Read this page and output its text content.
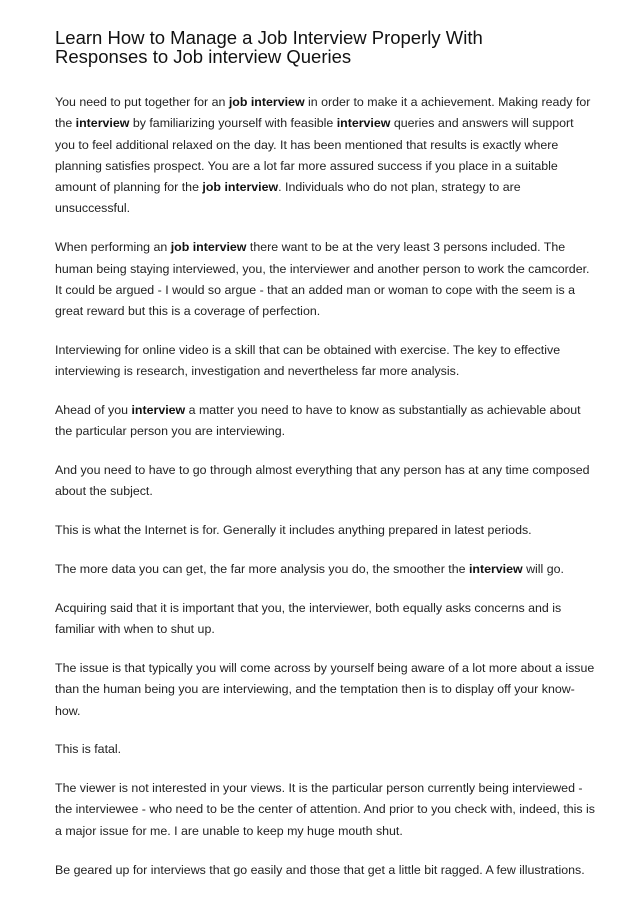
Learn How to Manage a Job Interview Properly With
Responses to Job interview Queries

You need to put together for an job interview in order to make it a achievement. Making ready for the interview by familiarizing yourself with feasible interview queries and answers will support you to feel additional relaxed on the day. It has been mentioned that results is exactly where planning satisfies prospect. You are a lot far more assured success if you place in a suitable amount of planning for the job interview. Individuals who do not plan, strategy to are unsuccessful.

When performing an job interview there want to be at the very least 3 persons included. The human being staying interviewed, you, the interviewer and another person to work the camcorder. It could be argued - I would so argue - that an added man or woman to cope with the seem is a great reward but this is a coverage of perfection.

Interviewing for online video is a skill that can be obtained with exercise. The key to effective interviewing is research, investigation and nevertheless far more analysis.

Ahead of you interview a matter you need to have to know as substantially as achievable about the particular person you are interviewing.

And you need to have to go through almost everything that any person has at any time composed about the subject.

This is what the Internet is for. Generally it includes anything prepared in latest periods.

The more data you can get, the far more analysis you do, the smoother the interview will go.

Acquiring said that it is important that you, the interviewer, both equally asks concerns and is familiar with when to shut up.

The issue is that typically you will come across by yourself being aware of a lot more about a issue than the human being you are interviewing, and the temptation then is to display off your know-how.

This is fatal.

The viewer is not interested in your views. It is the particular person currently being interviewed - the interviewee - who need to be the center of attention. And prior to you check with, indeed, this is a major issue for me. I are unable to keep my huge mouth shut.

Be geared up for interviews that go easily and those that get a little bit ragged. A few illustrations.
